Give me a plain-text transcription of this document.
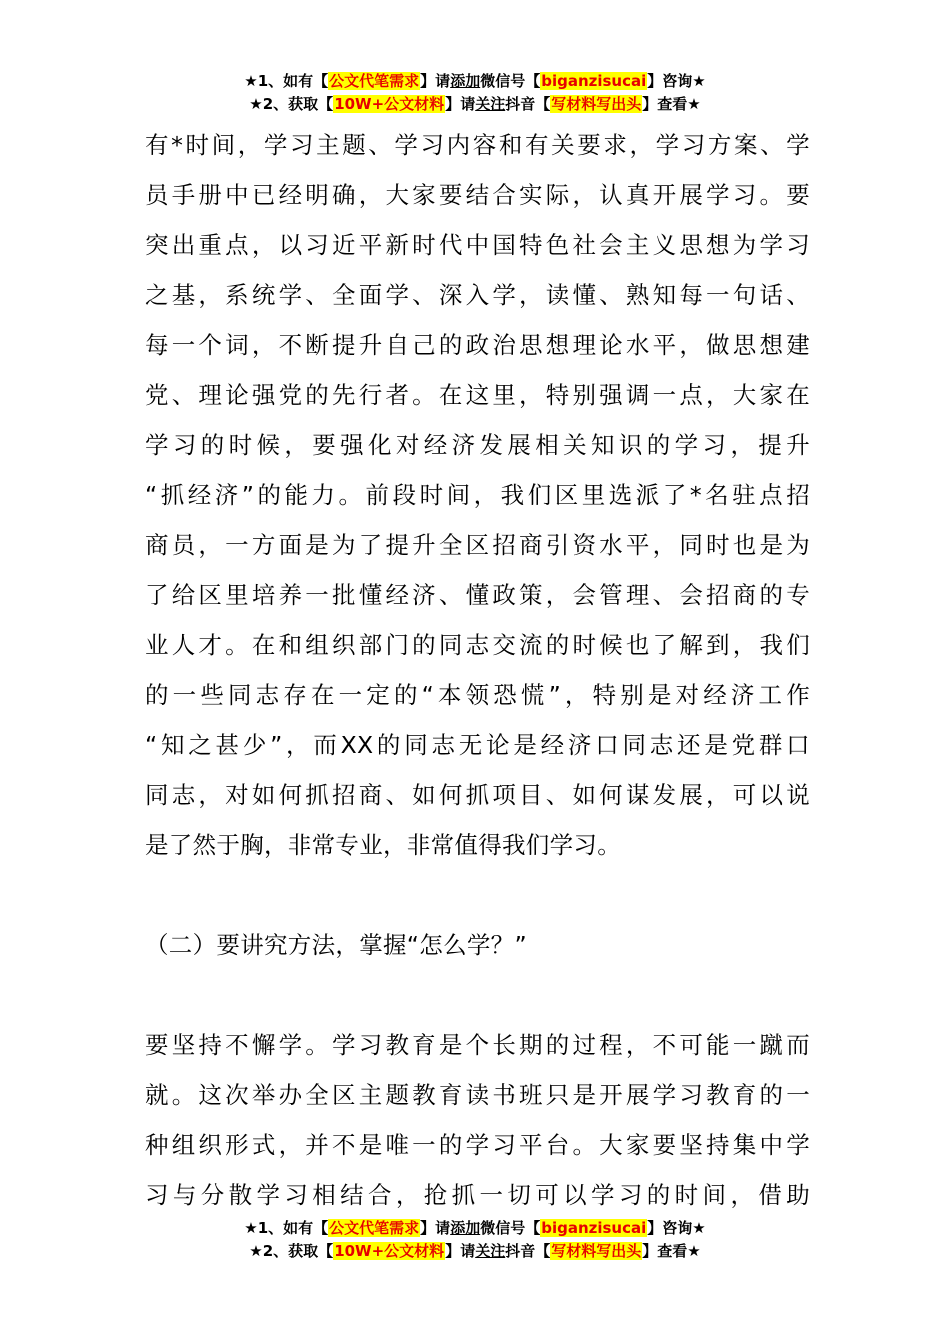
★1、如有【公文代笔需求】请添加微信号【biganzisucai】咨询★
★2、获取【10W+公文材料】请关注抖音【写材料写出头】查看★
有*时间，学习主题、学习内容和有关要求，学习方案、学
员手册中已经明确，大家要结合实际，认真开展学习。要
突出重点，以习近平新时代中国特色社会主义思想为学习
之基，系统学、全面学、深入学，读懂、熟知每一句话、
每一个词，不断提升自己的政治思想理论水平，做思想建
党、理论强党的先行者。在这里，特别强调一点，大家在
学习的时候，要强化对经济发展相关知识的学习，提升
“抓经济”的能力。前段时间，我们区里选派了*名驻点招
商员，一方面是为了提升全区招商引资水平，同时也是为
了给区里培养一批懂经济、懂政策，会管理、会招商的专
业人才。在和组织部门的同志交流的时候也了解到，我们
的一些同志存在一定的“本领恐慌”，特别是对经济工作
“知之甚少”，而XX的同志无论是经济口同志还是党群口
同志，对如何抓招商、如何抓项目、如何谋发展，可以说
是了然于胸，非常专业，非常值得我们学习。
（二）要讲究方法，掌握“怎么学？”
要坚持不懈学。学习教育是个长期的过程，不可能一蹴而
就。这次举办全区主题教育读书班只是开展学习教育的一
种组织形式，并不是唯一的学习平台。大家要坚持集中学
习与分散学习相结合，抢抓一切可以学习的时间，借助
★1、如有【公文代笔需求】请添加微信号【biganzisucai】咨询★
★2、获取【10W+公文材料】请关注抖音【写材料写出头】查看★
